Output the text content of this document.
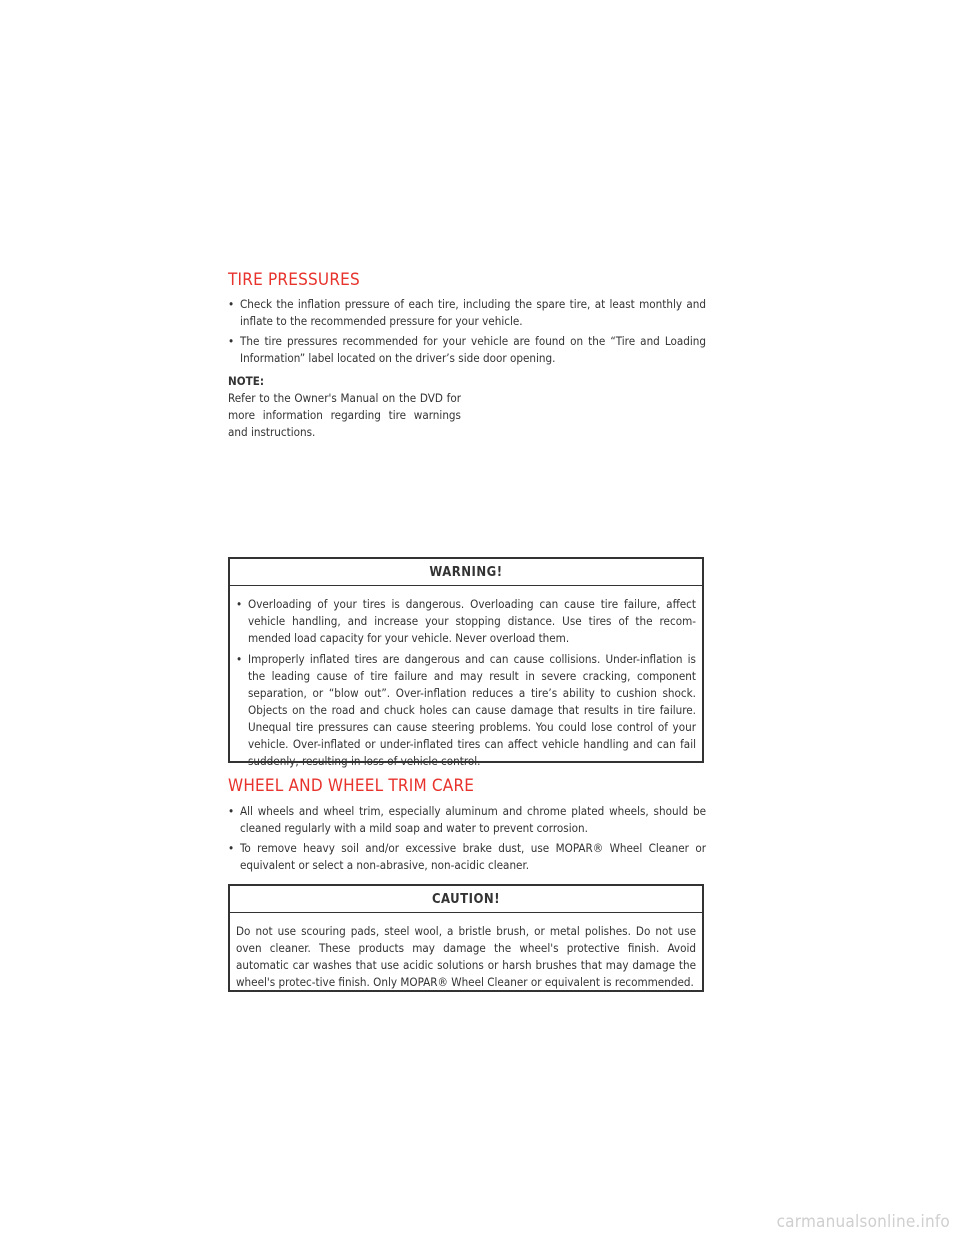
TIRE PRESSURES

• Check the inflation pressure of each tire, including the spare tire, at least monthly and inflate to the recommended pressure for your vehicle.

• The tire pressures recommended for your vehicle are found on the “Tire and Loading Information” label located on the driver’s side door opening.

NOTE:

Refer to the Owner's Manual on the DVD for more information regarding tire warnings and instructions.

WARNING!

• Overloading of your tires is dangerous. Overloading can cause tire failure, affect vehicle handling, and increase your stopping distance. Use tires of the recom-mended load capacity for your vehicle. Never overload them.

• Improperly inflated tires are dangerous and can cause collisions. Under-inflation is the leading cause of tire failure and may result in severe cracking, component separation, or “blow out”. Over-inflation reduces a tire’s ability to cushion shock. Objects on the road and chuck holes can cause damage that results in tire failure. Unequal tire pressures can cause steering problems. You could lose control of your vehicle. Over-inflated or under-inflated tires can affect vehicle handling and can fail suddenly, resulting in loss of vehicle control.

WHEEL AND WHEEL TRIM CARE

• All wheels and wheel trim, especially aluminum and chrome plated wheels, should be cleaned regularly with a mild soap and water to prevent corrosion.

• To remove heavy soil and/or excessive brake dust, use MOPAR® Wheel Cleaner or equivalent or select a non-abrasive, non-acidic cleaner.

CAUTION!

Do not use scouring pads, steel wool, a bristle brush, or metal polishes. Do not use oven cleaner. These products may damage the wheel's protective finish. Avoid automatic car washes that use acidic solutions or harsh brushes that may damage the wheel's protec-tive finish. Only MOPAR® Wheel Cleaner or equivalent is recommended.

carmanualsonline.info
